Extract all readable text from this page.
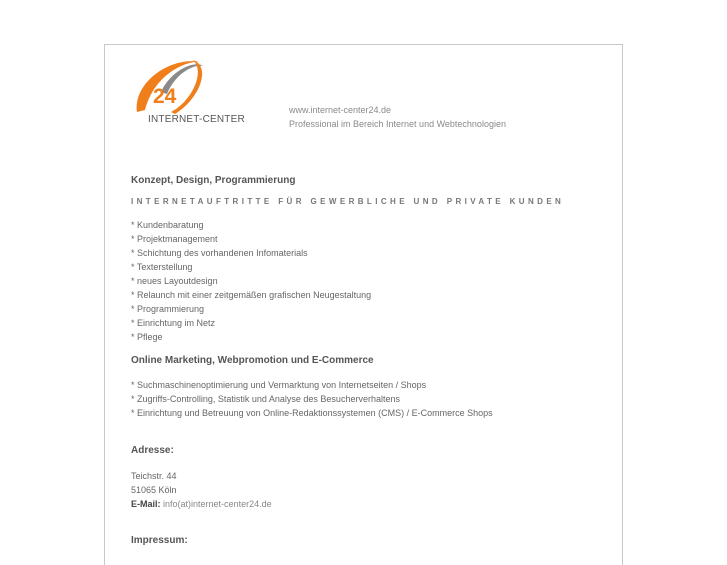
24
INTERNET-CENTER
www.internet-center24.de
Professional im Bereich Internet und Webtechnologien
Konzept, Design, Programmierung
INTERNETAUFTRITTE FÜR GEWERBLICHE UND PRIVATE KUNDEN
* Kundenbaratung
* Projektmanagement
* Schichtung des vorhandenen Infomaterials
* Texterstellung
* neues Layoutdesign
* Relaunch mit einer zeitgemäßen grafischen Neugestaltung
* Programmierung
* Einrichtung im Netz
* Pflege
Online Marketing, Webpromotion und E-Commerce
* Suchmaschinenoptimierung und Vermarktung von Internetseiten / Shops
* Zugriffs-Controlling, Statistik und Analyse des Besucherverhaltens
* Einrichtung und Betreuung von Online-Redaktionssystemen (CMS) / E-Commerce Shops
Adresse:
Teichstr. 44
51065 Köln
E-Mail: info(at)internet-center24.de
Impressum:
